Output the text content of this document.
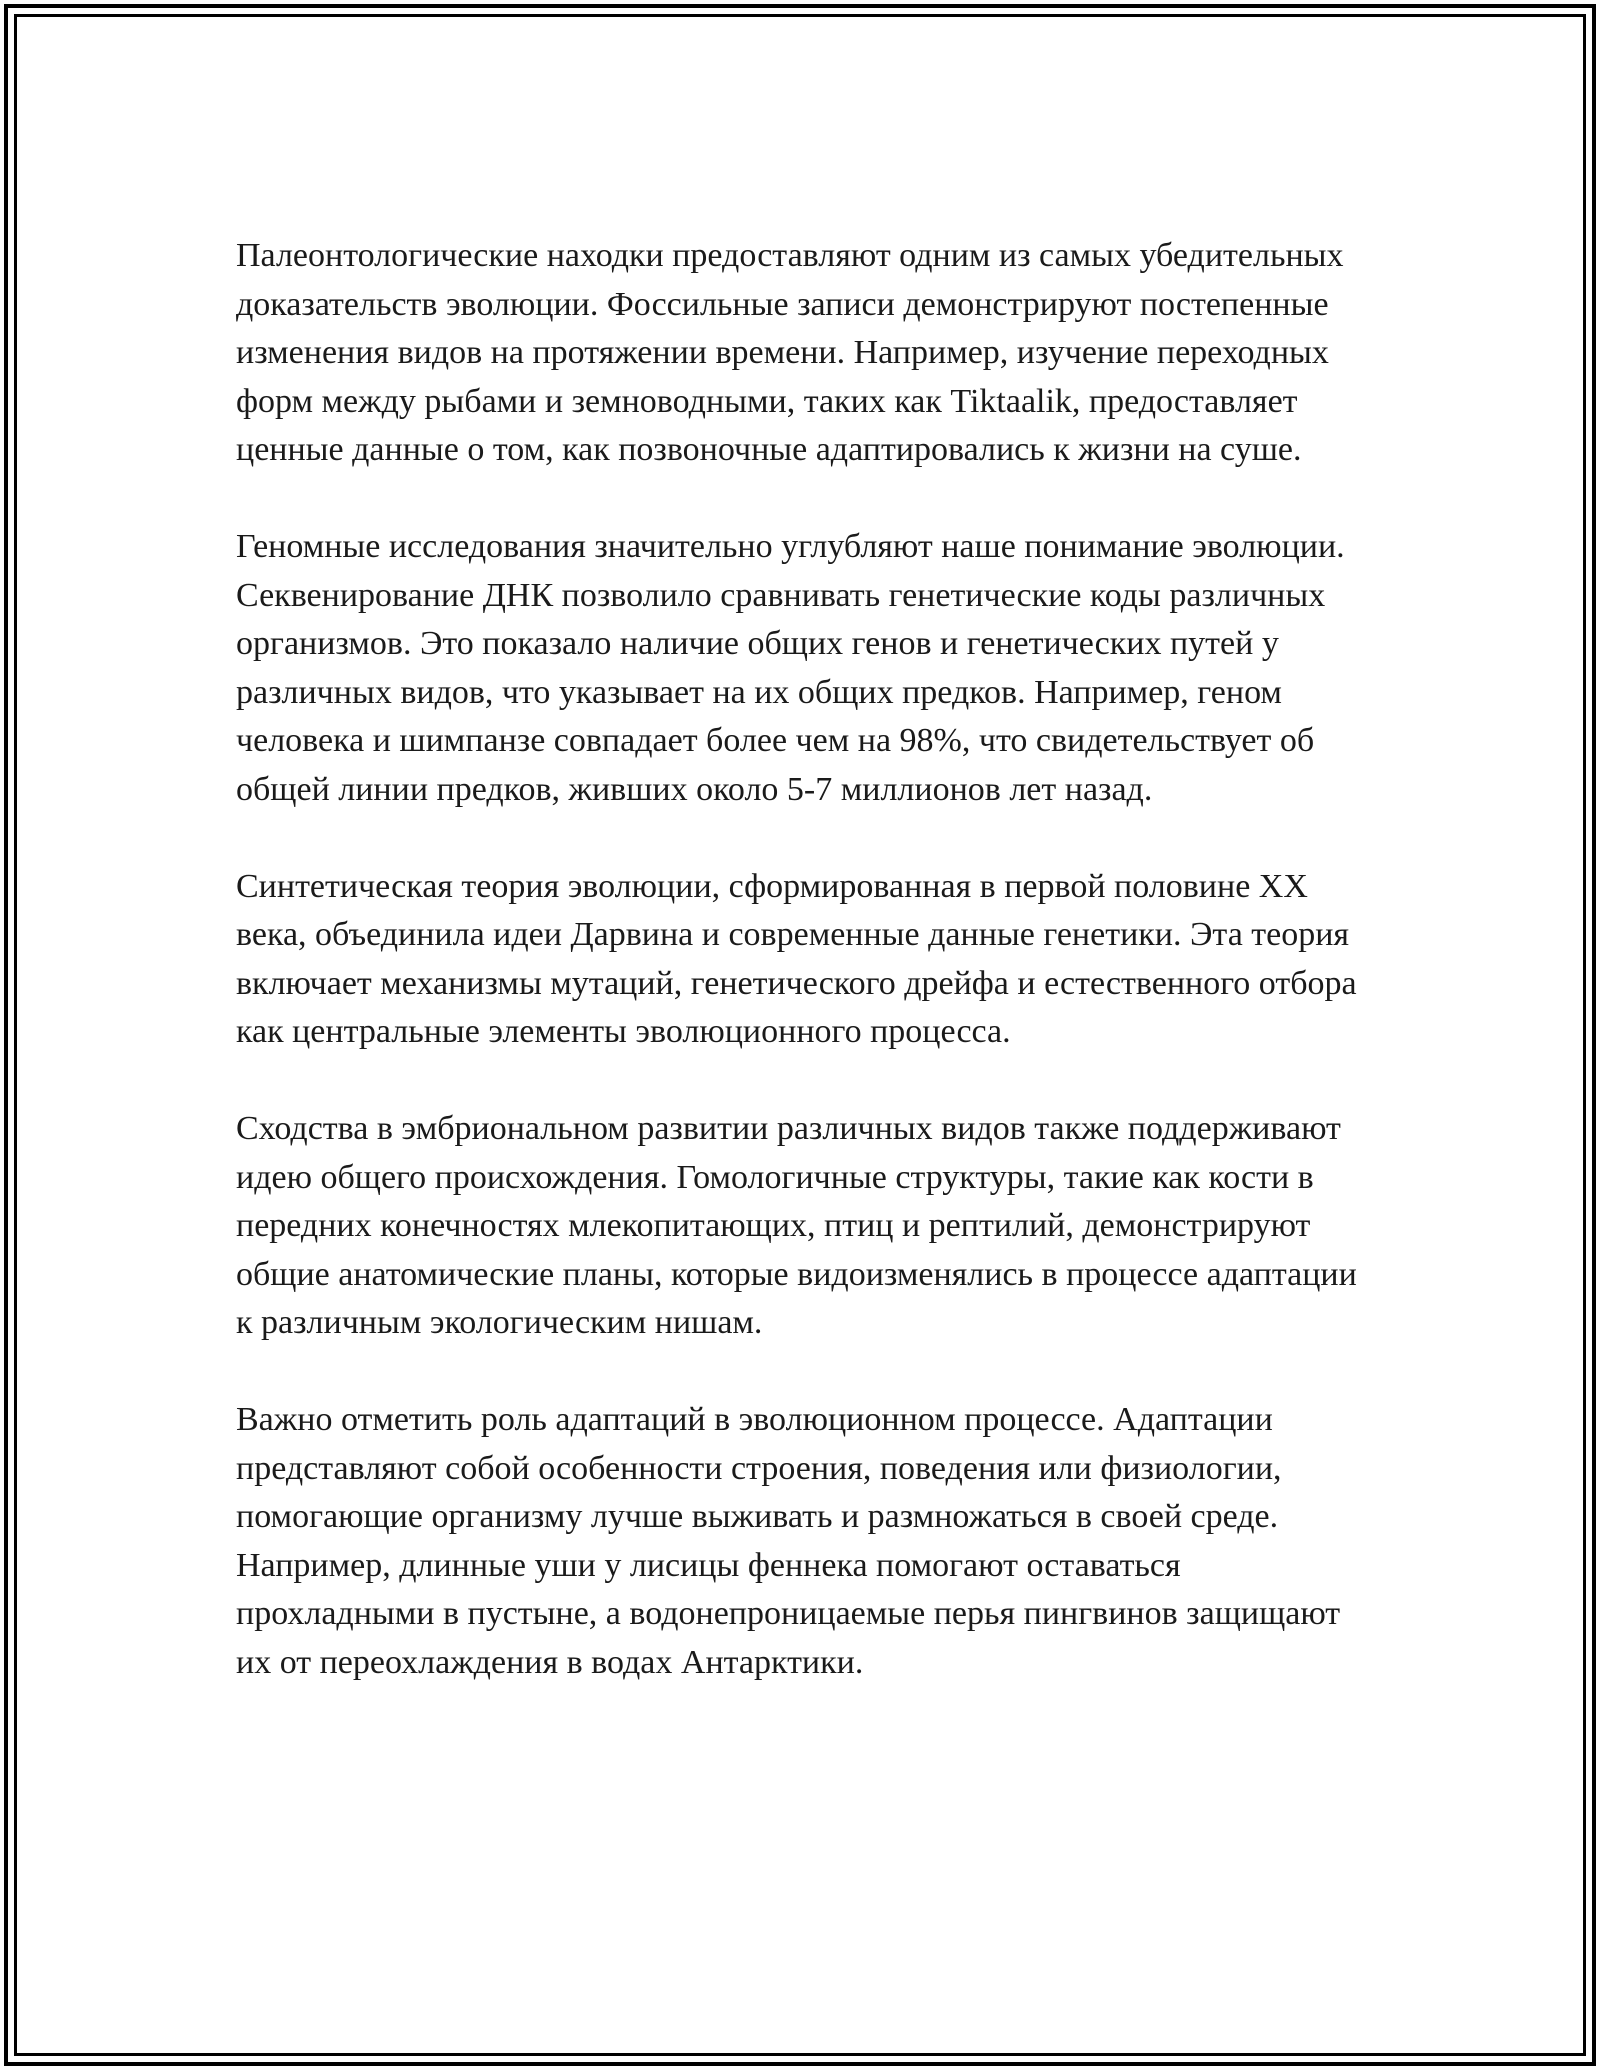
Палеонтологические находки предоставляют одним из самых убедительных доказательств эволюции. Фоссильные записи демонстрируют постепенные изменения видов на протяжении времени. Например, изучение переходных форм между рыбами и земноводными, таких как Tiktaalik, предоставляет ценные данные о том, как позвоночные адаптировались к жизни на суше.

Геномные исследования значительно углубляют наше понимание эволюции. Секвенирование ДНК позволило сравнивать генетические коды различных организмов. Это показало наличие общих генов и генетических путей у различных видов, что указывает на их общих предков. Например, геном человека и шимпанзе совпадает более чем на 98%, что свидетельствует об общей линии предков, живших около 5-7 миллионов лет назад.

Синтетическая теория эволюции, сформированная в первой половине XX века, объединила идеи Дарвина и современные данные генетики. Эта теория включает механизмы мутаций, генетического дрейфа и естественного отбора как центральные элементы эволюционного процесса.

Сходства в эмбриональном развитии различных видов также поддерживают идею общего происхождения. Гомологичные структуры, такие как кости в передних конечностях млекопитающих, птиц и рептилий, демонстрируют общие анатомические планы, которые видоизменялись в процессе адаптации к различным экологическим нишам.

Важно отметить роль адаптаций в эволюционном процессе. Адаптации представляют собой особенности строения, поведения или физиологии, помогающие организму лучше выживать и размножаться в своей среде. Например, длинные уши у лисицы феннека помогают оставаться прохладными в пустыне, а водонепроницаемые перья пингвинов защищают их от переохлаждения в водах Антарктики.
